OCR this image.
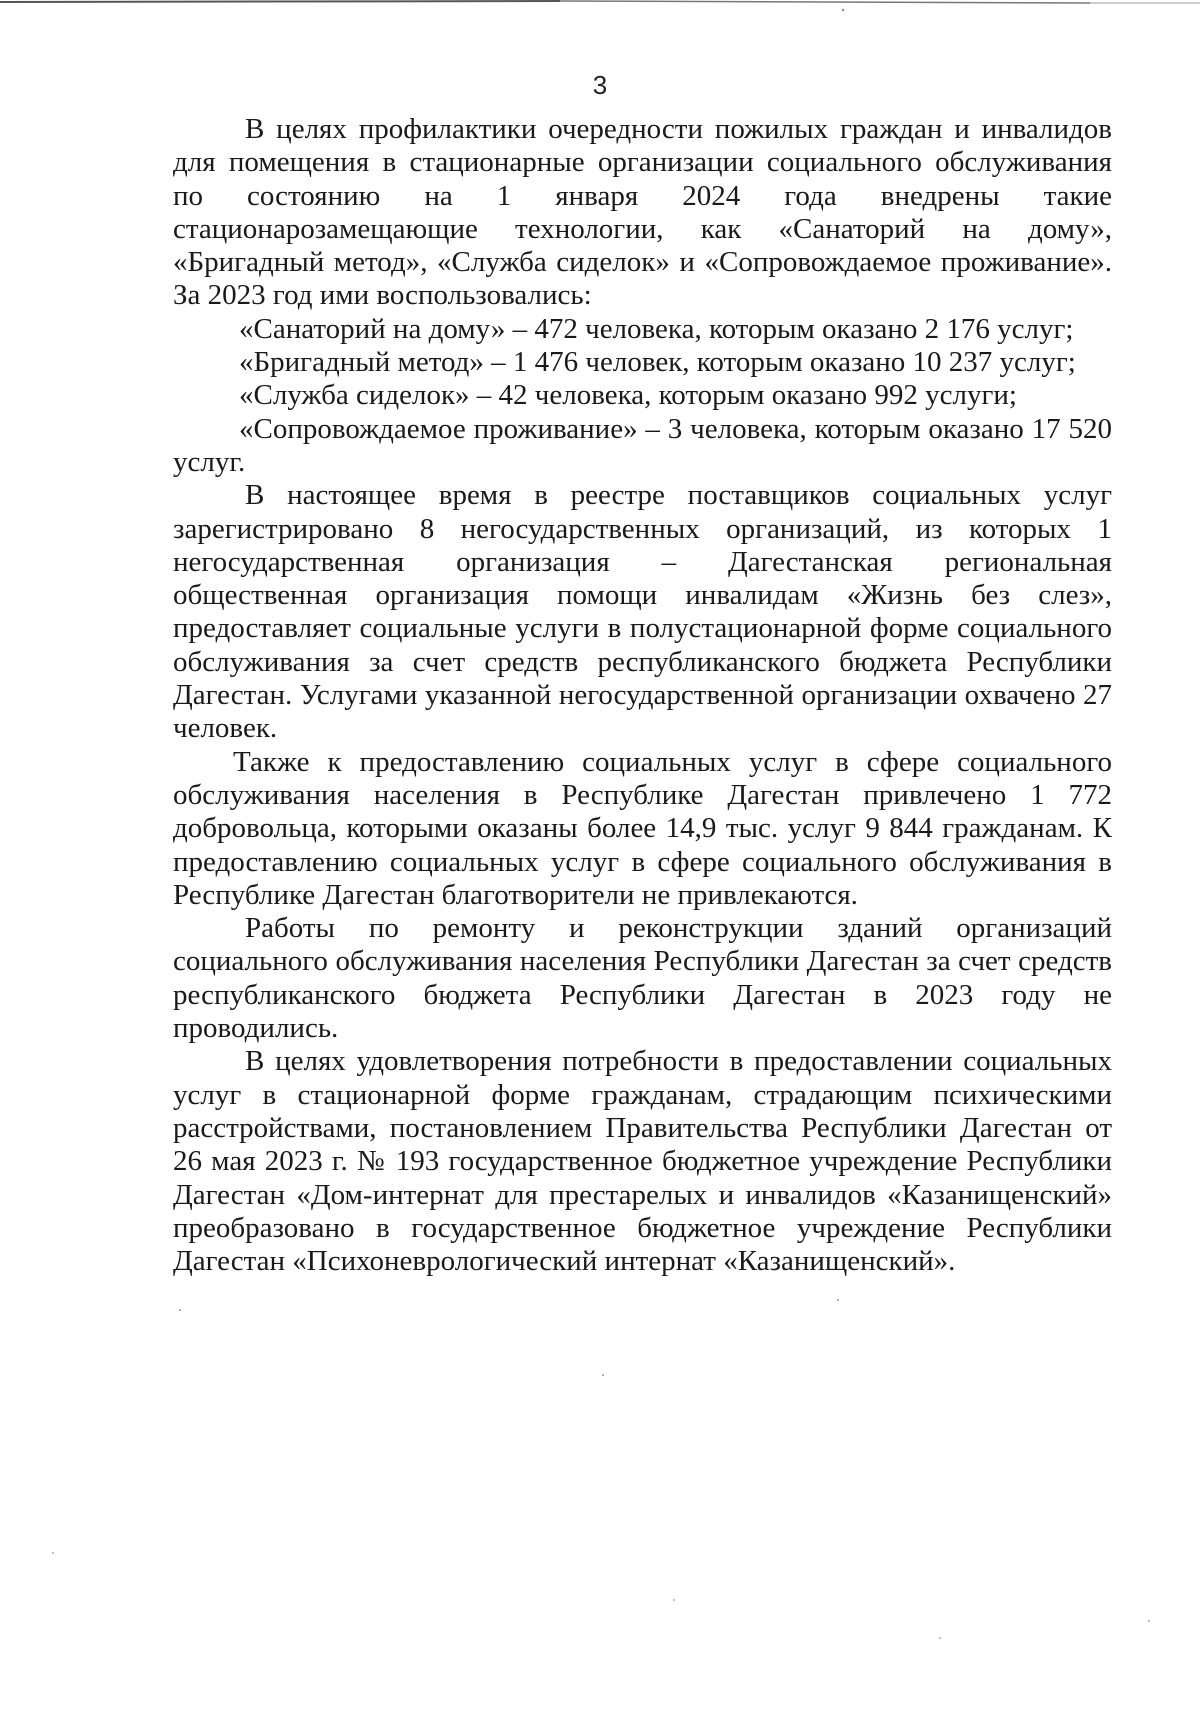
3

В целях профилактики очередности пожилых граждан и инвалидов для помещения в стационарные организации социального обслуживания по состоянию на 1 января 2024 года внедрены такие стационарозамещающие технологии, как «Санаторий на дому», «Бригадный метод», «Служба сиделок» и «Сопровождаемое проживание». За 2023 год ими воспользовались:

«Санаторий на дому» – 472 человека, которым оказано 2 176 услуг;

«Бригадный метод» – 1 476 человек, которым оказано 10 237 услуг;

«Служба сиделок» – 42 человека, которым оказано 992 услуги;

«Сопровождаемое проживание» – 3 человека, которым оказано 17 520 услуг.

В настоящее время в реестре поставщиков социальных услуг зарегистрировано 8 негосударственных организаций, из которых 1 негосударственная организация – Дагестанская региональная общественная организация помощи инвалидам «Жизнь без слез», предоставляет социальные услуги в полустационарной форме социального обслуживания за счет средств республиканского бюджета Республики Дагестан. Услугами указанной негосударственной организации охвачено 27 человек.

Также к предоставлению социальных услуг в сфере социального обслуживания населения в Республике Дагестан привлечено 1 772 добровольца, которыми оказаны более 14,9 тыс. услуг 9 844 гражданам. К предоставлению социальных услуг в сфере социального обслуживания в Республике Дагестан благотворители не привлекаются.

Работы по ремонту и реконструкции зданий организаций социального обслуживания населения Республики Дагестан за счет средств республиканского бюджета Республики Дагестан в 2023 году не проводились.

В целях удовлетворения потребности в предоставлении социальных услуг в стационарной форме гражданам, страдающим психическими расстройствами, постановлением Правительства Республики Дагестан от 26 мая 2023 г. № 193 государственное бюджетное учреждение Республики Дагестан «Дом-интернат для престарелых и инвалидов «Казанищенский» преобразовано в государственное бюджетное учреждение Республики Дагестан «Психоневрологический интернат «Казанищенский».
